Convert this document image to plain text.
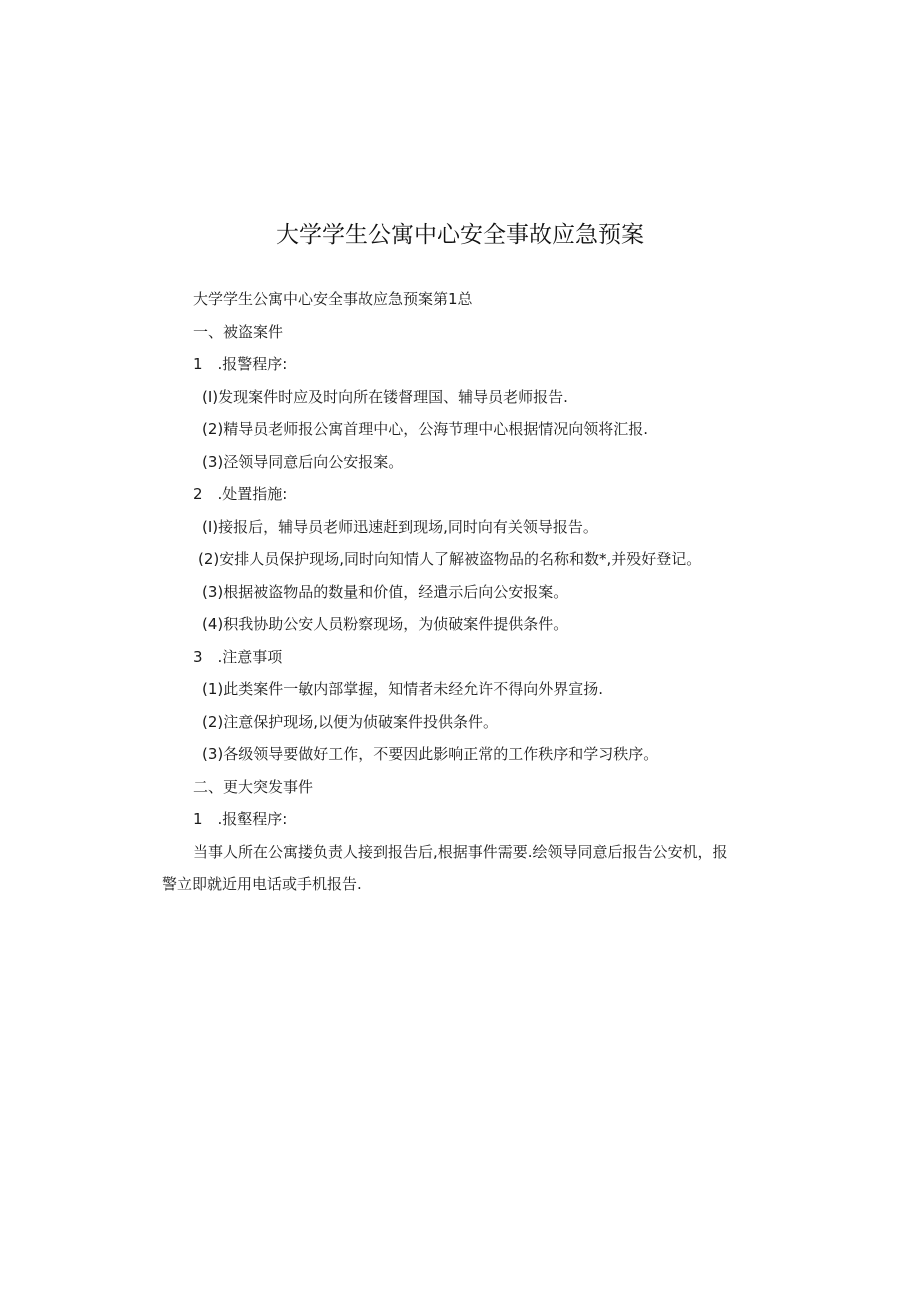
大学学生公寓中心安全事故应急预案
大学学生公寓中心安全事故应急预案第1总
一、被盗案件
1　.报警程序:
(I)发现案件时应及时向所在镂督理国、辅导员老师报告.
(2)精导员老师报公寓首理中心，公海节理中心根据情况向领将汇报.
(3)泾领导同意后向公安报案。
2　.处置指施:
(I)接报后，辅导员老师迅速赶到现场,同时向有关领导报告。
(2)安排人员保护现场,同时向知情人了解被盗物品的名称和数*,并殁好登记。
(3)根据被盗物品的数量和价值，经遣示后向公安报案。
(4)积我协助公安人员粉察现场，为侦破案件提供条件。
3　.注意事项
(1)此类案件一敏内部掌握，知情者未经允许不得向外界宣扬.
(2)注意保护现场,以便为侦破案件投供条件。
(3)各级领导要做好工作，不要因此影响正常的工作秩序和学习秩序。
二、更大突发事件
1　.报壑程序:
当事人所在公寓搂负责人接到报告后,根据事件需要.绘领导同意后报告公安机，报
警立即就近用电话或手机报告.
